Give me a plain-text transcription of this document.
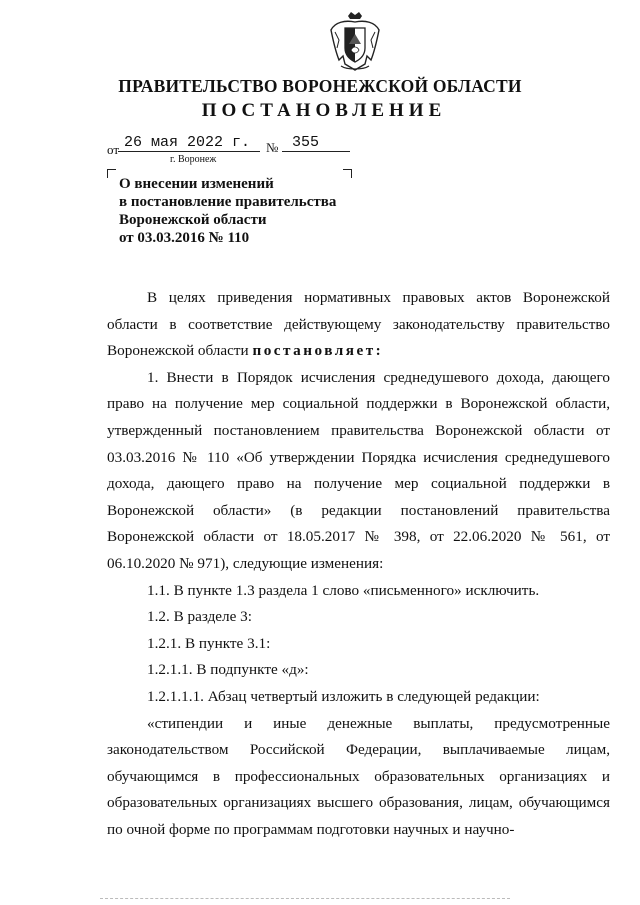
ПРАВИТЕЛЬСТВО ВОРОНЕЖСКОЙ ОБЛАСТИ
ПОСТАНОВЛЕНИЕ
от 26 мая 2022 г.	№ 355
г. Воронеж
О внесении изменений
в постановление правительства
Воронежской области
от 03.03.2016 № 110

В целях приведения нормативных правовых актов Воронежской области в соответствие действующему законодательству правительство Воронежской области постановляет:

1. Внести в Порядок исчисления среднедушевого дохода, дающего право на получение мер социальной поддержки в Воронежской области, утвержденный постановлением правительства Воронежской области от 03.03.2016 № 110 «Об утверждении Порядка исчисления среднедушевого дохода, дающего право на получение мер социальной поддержки в Воронежской области» (в редакции постановлений правительства Воронежской области от 18.05.2017 № 398, от 22.06.2020 № 561, от 06.10.2020 № 971), следующие изменения:

1.1. В пункте 1.3 раздела 1 слово «письменного» исключить.

1.2. В разделе 3:

1.2.1. В пункте 3.1:

1.2.1.1. В подпункте «д»:

1.2.1.1.1. Абзац четвертый изложить в следующей редакции:

«стипендии и иные денежные выплаты, предусмотренные законодательством Российской Федерации, выплачиваемые лицам, обучающимся в профессиональных образовательных организациях и образовательных организациях высшего образования, лицам, обучающимся по очной форме по программам подготовки научных и научно-
